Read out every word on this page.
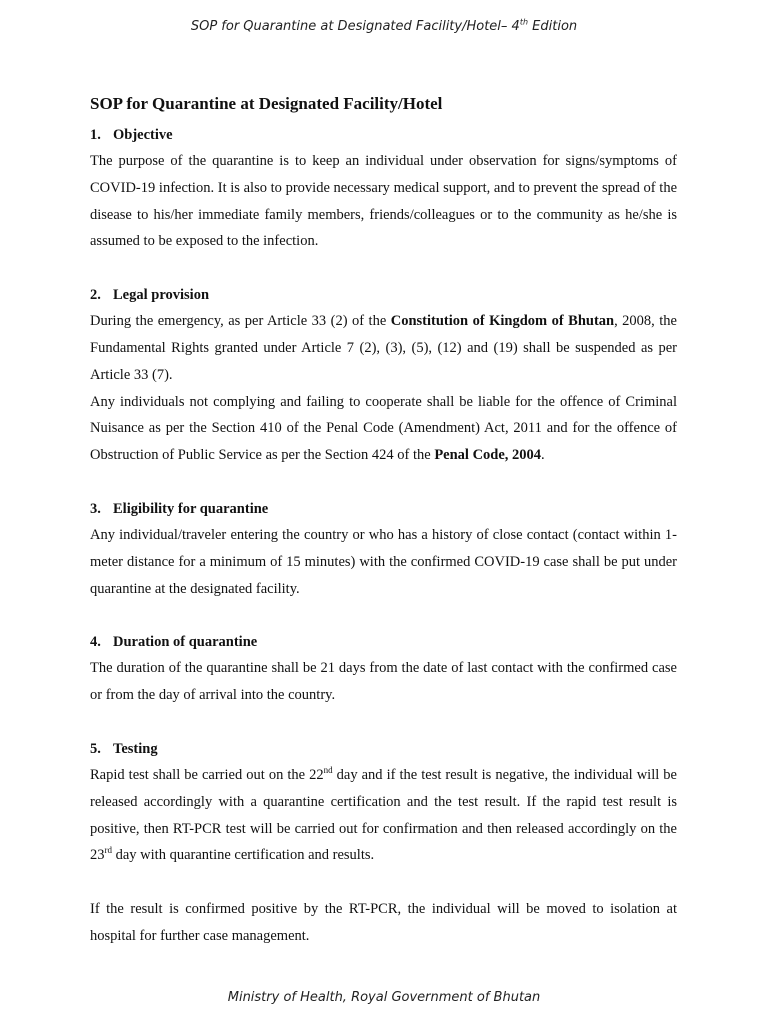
SOP for Quarantine at Designated Facility/Hotel– 4th Edition
SOP for Quarantine at Designated Facility/Hotel
1. Objective

The purpose of the quarantine is to keep an individual under observation for signs/symptoms of COVID-19 infection. It is also to provide necessary medical support, and to prevent the spread of the disease to his/her immediate family members, friends/colleagues or to the community as he/she is assumed to be exposed to the infection.

2. Legal provision

During the emergency, as per Article 33 (2) of the Constitution of Kingdom of Bhutan, 2008, the Fundamental Rights granted under Article 7 (2), (3), (5), (12) and (19) shall be suspended as per Article 33 (7).

Any individuals not complying and failing to cooperate shall be liable for the offence of Criminal Nuisance as per the Section 410 of the Penal Code (Amendment) Act, 2011 and for the offence of Obstruction of Public Service as per the Section 424 of the Penal Code, 2004.

3. Eligibility for quarantine

Any individual/traveler entering the country or who has a history of close contact (contact within 1-meter distance for a minimum of 15 minutes) with the confirmed COVID-19 case shall be put under quarantine at the designated facility.

4. Duration of quarantine

The duration of the quarantine shall be 21 days from the date of last contact with the confirmed case or from the day of arrival into the country.

5. Testing

Rapid test shall be carried out on the 22nd day and if the test result is negative, the individual will be released accordingly with a quarantine certification and the test result. If the rapid test result is positive, then RT-PCR test will be carried out for confirmation and then released accordingly on the 23rd day with quarantine certification and results.

If the result is confirmed positive by the RT-PCR, the individual will be moved to isolation at hospital for further case management.

Ministry of Health, Royal Government of Bhutan
